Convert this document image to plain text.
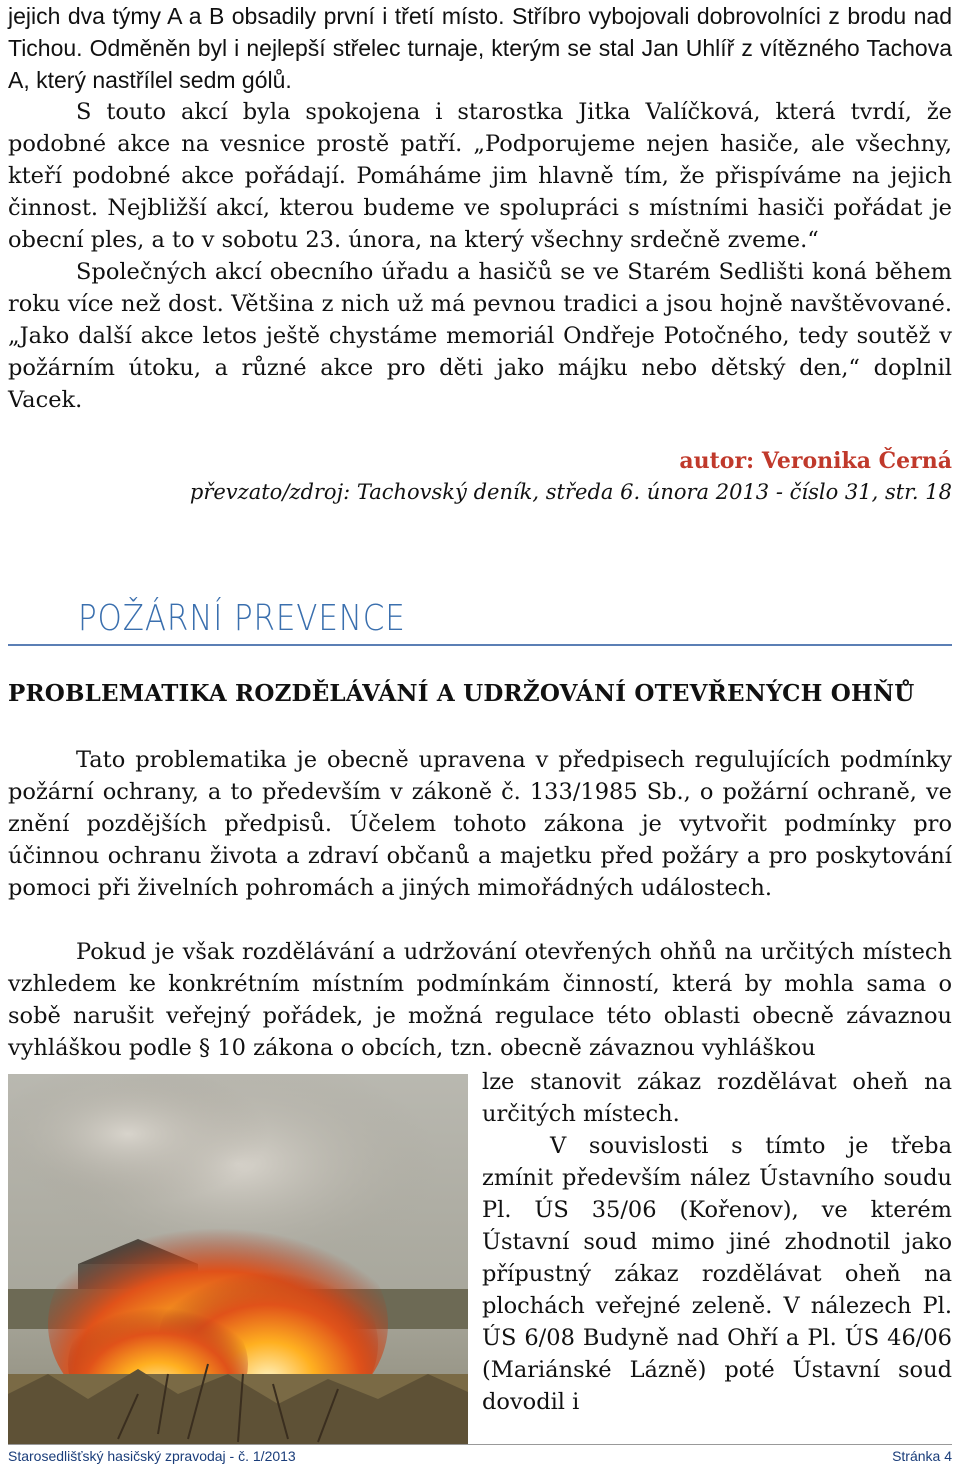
jejich dva týmy A a B obsadily první i třetí místo. Stříbro vybojovali dobrovolníci z brodu nad Tichou. Odměněn byl i nejlepší střelec turnaje, kterým se stal Jan Uhlíř z vítězného Tachova A, který nastřílel sedm gólů.

S touto akcí byla spokojena i starostka Jitka Valíčková, která tvrdí, že podobné akce na vesnice prostě patří. „Podporujeme nejen hasiče, ale všechny, kteří podobné akce pořádají. Pomáháme jim hlavně tím, že přispíváme na jejich činnost. Nejbližší akcí, kterou budeme ve spolupráci s místními hasiči pořádat je obecní ples, a to v sobotu 23. února, na který všechny srdečně zveme.“

Společných akcí obecního úřadu a hasičů se ve Starém Sedlišti koná během roku více než dost. Většina z nich už má pevnou tradici a jsou hojně navštěvované. „Jako další akce letos ještě chystáme memoriál Ondřeje Potočného, tedy soutěž v požárním útoku, a různé akce pro děti jako májku nebo dětský den,“ doplnil Vacek.

autor: Veronika Černá

převzato/zdroj: Tachovský deník, středa 6. února 2013 - číslo 31, str. 18

POŽÁRNÍ PREVENCE
PROBLEMATIKA ROZDĚLÁVÁNÍ A UDRŽOVÁNÍ OTEVŘENÝCH OHŇŮ

Tato problematika je obecně upravena v předpisech regulujících podmínky požární ochrany, a to především v zákoně č. 133/1985 Sb., o požární ochraně, ve znění pozdějších předpisů. Účelem tohoto zákona je vytvořit podmínky pro účinnou ochranu života a zdraví občanů a majetku před požáry a pro poskytování pomoci při živelních pohromách a jiných mimořádných událostech.

Pokud je však rozdělávání a udržování otevřených ohňů na určitých místech vzhledem ke konkrétním místním podmínkám činností, která by mohla sama o sobě narušit veřejný pořádek, je možná regulace této oblasti obecně závaznou vyhláškou podle § 10 zákona o obcích, tzn. obecně závaznou vyhláškou

lze stanovit zákaz rozdělávat oheň na určitých místech.
V souvislosti s tímto je třeba zmínit především nález Ústavního soudu Pl. ÚS 35/06 (Kořenov), ve kterém Ústavní soud mimo jiné zhodnotil jako přípustný zákaz rozdělávat oheň na plochách veřejné zeleně. V nálezech Pl. ÚS 6/08 Budyně nad Ohří a Pl. ÚS 46/06 (Mariánské Lázně) poté Ústavní soud dovodil i

Starosedlišťský hasičský zpravodaj - č. 1/2013	Stránka 4
